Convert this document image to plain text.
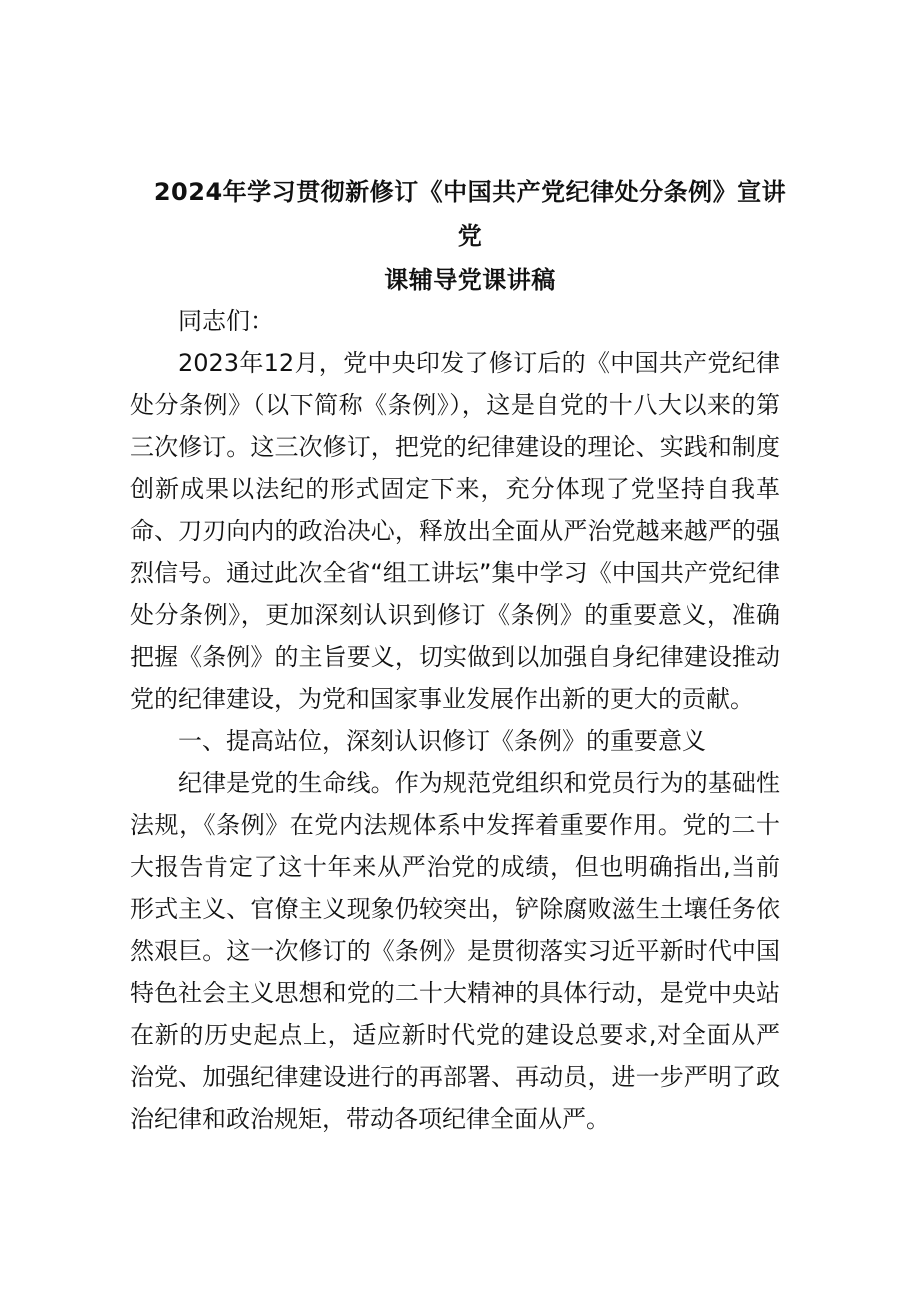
2024年学习贯彻新修订《中国共产党纪律处分条例》宣讲党
课辅导党课讲稿

同志们：

2023年12月，党中央印发了修订后的《中国共产党纪律处分条例》（以下简称《条例》），这是自党的十八大以来的第三次修订。这三次修订，把党的纪律建设的理论、实践和制度创新成果以法纪的形式固定下来，充分体现了党坚持自我革命、刀刃向内的政治决心，释放出全面从严治党越来越严的强烈信号。通过此次全省“组工讲坛”集中学习《中国共产党纪律处分条例》，更加深刻认识到修订《条例》的重要意义，准确把握《条例》的主旨要义，切实做到以加强自身纪律建设推动党的纪律建设，为党和国家事业发展作出新的更大的贡献。

一、提高站位，深刻认识修订《条例》的重要意义

纪律是党的生命线。作为规范党组织和党员行为的基础性法规，《条例》在党内法规体系中发挥着重要作用。党的二十大报告肯定了这十年来从严治党的成绩，但也明确指出,当前形式主义、官僚主义现象仍较突出，铲除腐败滋生土壤任务依然艰巨。这一次修订的《条例》是贯彻落实习近平新时代中国特色社会主义思想和党的二十大精神的具体行动，是党中央站在新的历史起点上，适应新时代党的建设总要求,对全面从严治党、加强纪律建设进行的再部署、再动员，进一步严明了政治纪律和政治规矩，带动各项纪律全面从严。
